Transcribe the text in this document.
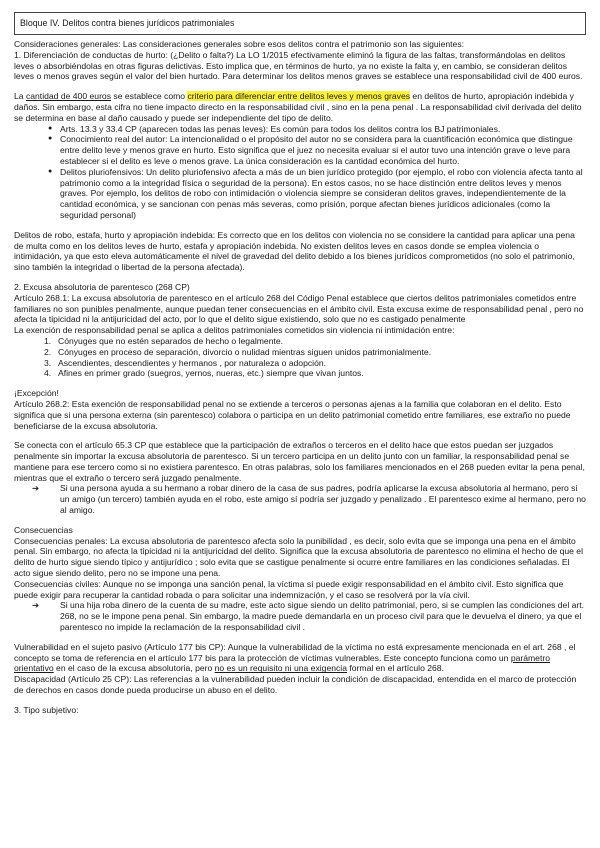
Bloque IV. Delitos contra bienes jurídicos patrimoniales

Consideraciones generales: Las consideraciones generales sobre esos delitos contra el patrimonio son las siguientes:

1. Diferenciación de conductas de hurto: (¿Delito o falta?) La LO 1/2015 efectivamente eliminó la figura de las faltas, transformándolas en delitos leves o absorbiéndolas en otras figuras delictivas. Esto implica que, en términos de hurto, ya no existe la falta y, en cambio, se consideran delitos leves o menos graves según el valor del bien hurtado. Para determinar los delitos menos graves se establece una responsabilidad civil de 400 euros.

La cantidad de 400 euros se establece como criterio para diferenciar entre delitos leves y menos graves en delitos de hurto, apropiación indebida y daños. Sin embargo, esta cifra no tiene impacto directo en la responsabilidad civil , sino en la pena penal . La responsabilidad civil derivada del delito se determina en base al daño causado y puede ser independiente del tipo de delito.

● Arts. 13.3 y 33.4 CP (aparecen todas las penas leves): Es común para todos los delitos contra los BJ patrimoniales.
● Conocimiento real del autor: La intencionalidad o el propósito del autor no se considera para la cuantificación económica que distingue entre delito leve y menos grave en hurto. Esto significa que el juez no necesita evaluar si el autor tuvo una intención grave o leve para establecer si el delito es leve o menos grave. La única consideración es la cantidad económica del hurto.
● Delitos pluriofensivos: Un delito pluriofensivo afecta a más de un bien jurídico protegido (por ejemplo, el robo con violencia afecta tanto al patrimonio como a la integridad física o seguridad de la persona). En estos casos, no se hace distinción entre delitos leves y menos graves. Por ejemplo, los delitos de robo con intimidación o violencia siempre se consideran delitos graves, independientemente de la cantidad económica, y se sancionan con penas más severas, como prisión, porque afectan bienes jurídicos adicionales (como la seguridad personal)

Delitos de robo, estafa, hurto y apropiación indebida: Es correcto que en los delitos con violencia no se considere la cantidad para aplicar una pena de multa como en los delitos leves de hurto, estafa y apropiación indebida. No existen delitos leves en casos donde se emplea violencia o intimidación, ya que esto eleva automáticamente el nivel de gravedad del delito debido a los bienes jurídicos comprometidos (no solo el patrimonio, sino también la integridad o libertad de la persona afectada).

2. Excusa absolutoria de parentesco (268 CP)

Artículo 268.1: La excusa absolutoria de parentesco en el artículo 268 del Código Penal establece que ciertos delitos patrimoniales cometidos entre familiares no son punibles penalmente, aunque puedan tener consecuencias en el ámbito civil. Esta excusa exime de responsabilidad penal , pero no afecta la tipicidad ni la antijuricidad del acto, por lo que el delito sigue existiendo, solo que no es castigado penalmente

La exención de responsabilidad penal se aplica a delitos patrimoniales cometidos sin violencia ni intimidación entre:

1. Cónyuges que no estén separados de hecho o legalmente.
2. Cónyuges en proceso de separación, divorcio o nulidad mientras siguen unidos patrimonialmente.
3. Ascendientes, descendientes y hermanos , por naturaleza o adopción.
4. Afines en primer grado (suegros, yernos, nueras, etc.) siempre que vivan juntos.

¡Excepción!

Artículo 268.2: Esta exención de responsabilidad penal no se extiende a terceros o personas ajenas a la familia que colaboran en el delito. Esto significa que si una persona externa (sin parentesco) colabora o participa en un delito patrimonial cometido entre familiares, ese extraño no puede beneficiarse de la excusa absolutoria.

Se conecta con el artículo 65.3 CP que establece que la participación de extraños o terceros en el delito hace que estos puedan ser juzgados penalmente sin importar la excusa absolutoria de parentesco. Si un tercero participa en un delito junto con un familiar, la responsabilidad penal se mantiene para ese tercero como si no existiera parentesco. En otras palabras, solo los familiares mencionados en el 268 pueden evitar la pena penal, mientras que el extraño o tercero será juzgado penalmente.

➔ Si una persona ayuda a su hermano a robar dinero de la casa de sus padres, podría aplicarse la excusa absolutoria al hermano, pero si un amigo (un tercero) también ayuda en el robo, este amigo sí podría ser juzgado y penalizado . El parentesco exime al hermano, pero no al amigo.

Consecuencias

Consecuencias penales: La excusa absolutoria de parentesco afecta solo la punibilidad , es decir, solo evita que se imponga una pena en el ámbito penal. Sin embargo, no afecta la tipicidad ni la antijuricidad del delito. Significa que la excusa absolutoria de parentesco no elimina el hecho de que el delito de hurto sigue siendo típico y antijurídico ; solo evita que se castigue penalmente si ocurre entre familiares en las condiciones señaladas. El acto sigue siendo delito, pero no se impone una pena.

Consecuencias civiles: Aunque no se imponga una sanción penal, la víctima sí puede exigir responsabilidad en el ámbito civil. Esto significa que puede exigir para recuperar la cantidad robada o para solicitar una indemnización, y el caso se resolverá por la vía civil.

➔ Si una hija roba dinero de la cuenta de su madre, este acto sigue siendo un delito patrimonial, pero, si se cumplen las condiciones del art. 268, no se le impone pena penal. Sin embargo, la madre puede demandarla en un proceso civil para que le devuelva el dinero, ya que el parentesco no impide la reclamación de la responsabilidad civil .

Vulnerabilidad en el sujeto pasivo (Artículo 177 bis CP): Aunque la vulnerabilidad de la víctima no está expresamente mencionada en el art. 268 , el concepto se toma de referencia en el artículo 177 bis para la protección de víctimas vulnerables. Este concepto funciona como un parámetro orientativo en el caso de la excusa absolutoria, pero no es un requisito ni una exigencia formal en el artículo 268.

Discapacidad (Artículo 25 CP): Las referencias a la vulnerabilidad pueden incluir la condición de discapacidad, entendida en el marco de protección de derechos en casos donde pueda producirse un abuso en el delito.

3. Tipo subjetivo:
